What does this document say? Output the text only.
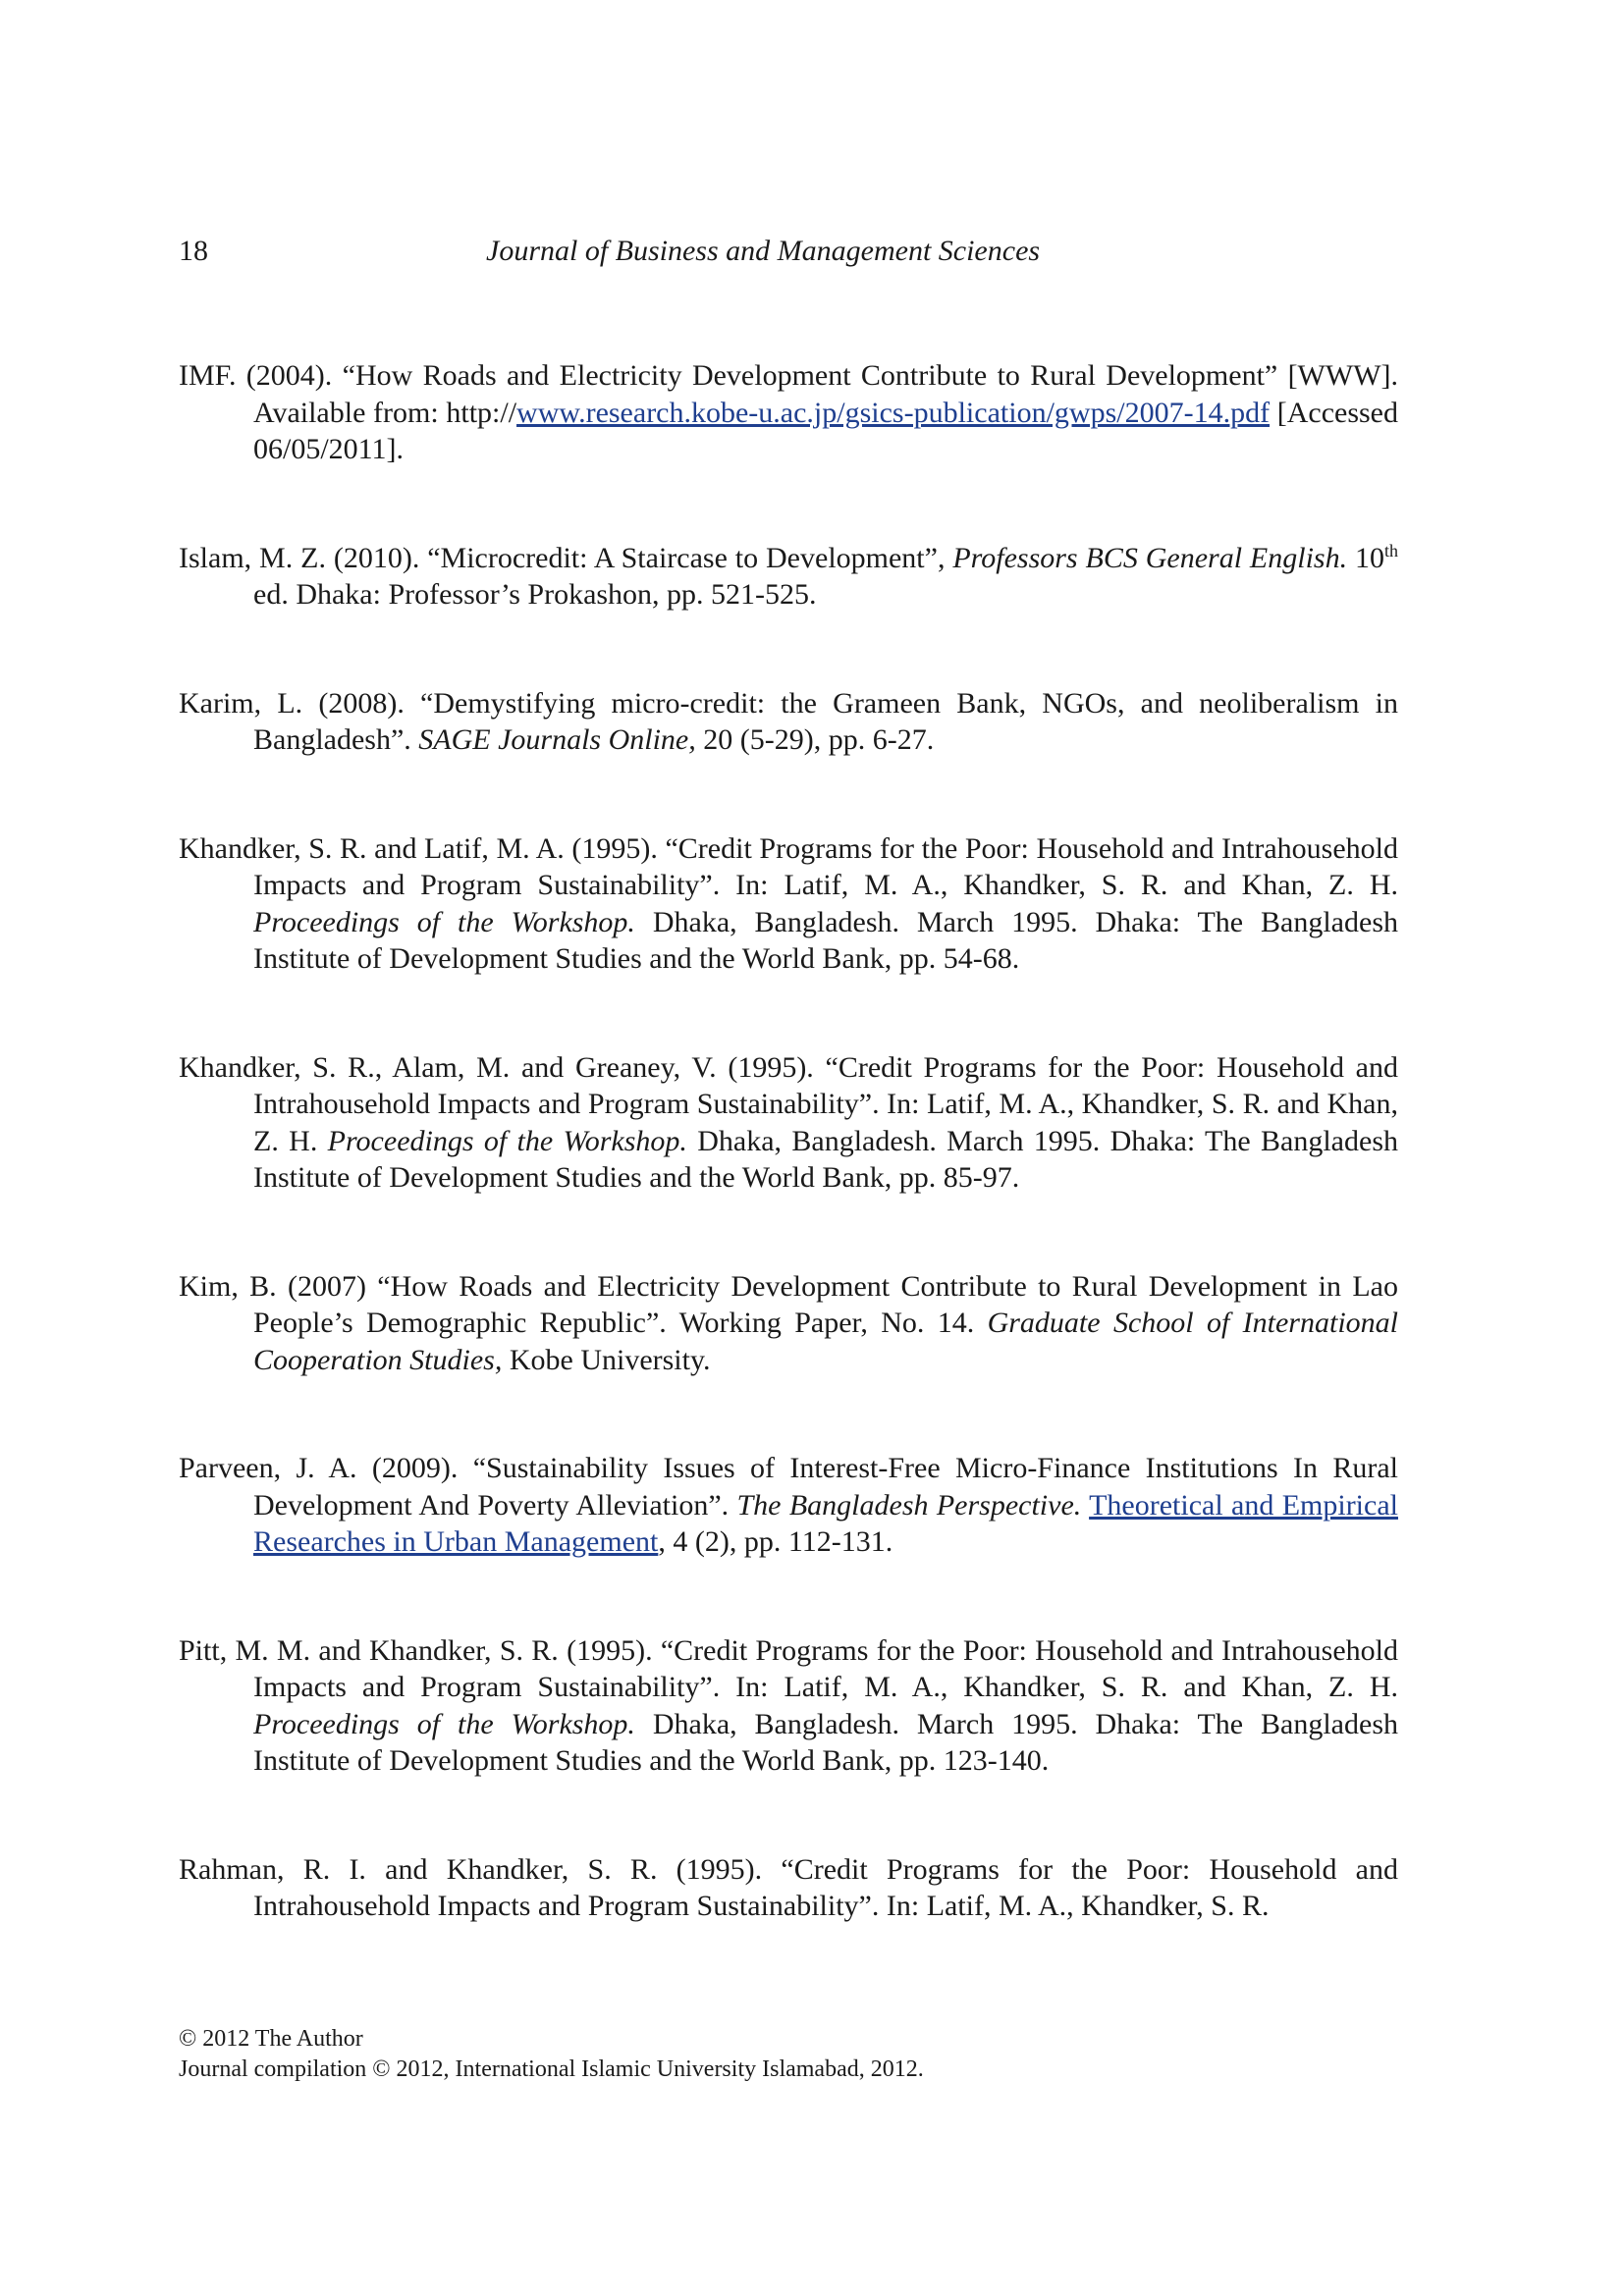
18	Journal of Business and Management Sciences

IMF. (2004). “How Roads and Electricity Development Contribute to Rural Development” [WWW]. Available from: http://www.research.kobe-u.ac.jp/gsics-publication/gwps/2007-14.pdf [Accessed 06/05/2011].

Islam, M. Z. (2010). “Microcredit: A Staircase to Development”, Professors BCS General English. 10th ed. Dhaka: Professor’s Prokashon, pp. 521-525.

Karim, L. (2008). “Demystifying micro-credit: the Grameen Bank, NGOs, and neoliberalism in Bangladesh”. SAGE Journals Online, 20 (5-29), pp. 6-27.

Khandker, S. R. and Latif, M. A. (1995). “Credit Programs for the Poor: Household and Intrahousehold Impacts and Program Sustainability”. In: Latif, M. A., Khandker, S. R. and Khan, Z. H. Proceedings of the Workshop. Dhaka, Bangladesh. March 1995. Dhaka: The Bangladesh Institute of Development Studies and the World Bank, pp. 54-68.

Khandker, S. R., Alam, M. and Greaney, V. (1995). “Credit Programs for the Poor: Household and Intrahousehold Impacts and Program Sustainability”. In: Latif, M. A., Khandker, S. R. and Khan, Z. H. Proceedings of the Workshop. Dhaka, Bangladesh. March 1995. Dhaka: The Bangladesh Institute of Development Studies and the World Bank, pp. 85-97.

Kim, B. (2007) “How Roads and Electricity Development Contribute to Rural Development in Lao People’s Demographic Republic”. Working Paper, No. 14. Graduate School of International Cooperation Studies, Kobe University.

Parveen, J. A. (2009). “Sustainability Issues of Interest-Free Micro-Finance Institutions In Rural Development And Poverty Alleviation”. The Bangladesh Perspective. Theoretical and Empirical Researches in Urban Management, 4 (2), pp. 112-131.

Pitt, M. M. and Khandker, S. R. (1995). “Credit Programs for the Poor: Household and Intrahousehold Impacts and Program Sustainability”. In: Latif, M. A., Khandker, S. R. and Khan, Z. H. Proceedings of the Workshop. Dhaka, Bangladesh. March 1995. Dhaka: The Bangladesh Institute of Development Studies and the World Bank, pp. 123-140.

Rahman, R. I. and Khandker, S. R. (1995). “Credit Programs for the Poor: Household and Intrahousehold Impacts and Program Sustainability”. In: Latif, M. A., Khandker, S. R.

© 2012 The Author
Journal compilation © 2012, International Islamic University Islamabad, 2012.
